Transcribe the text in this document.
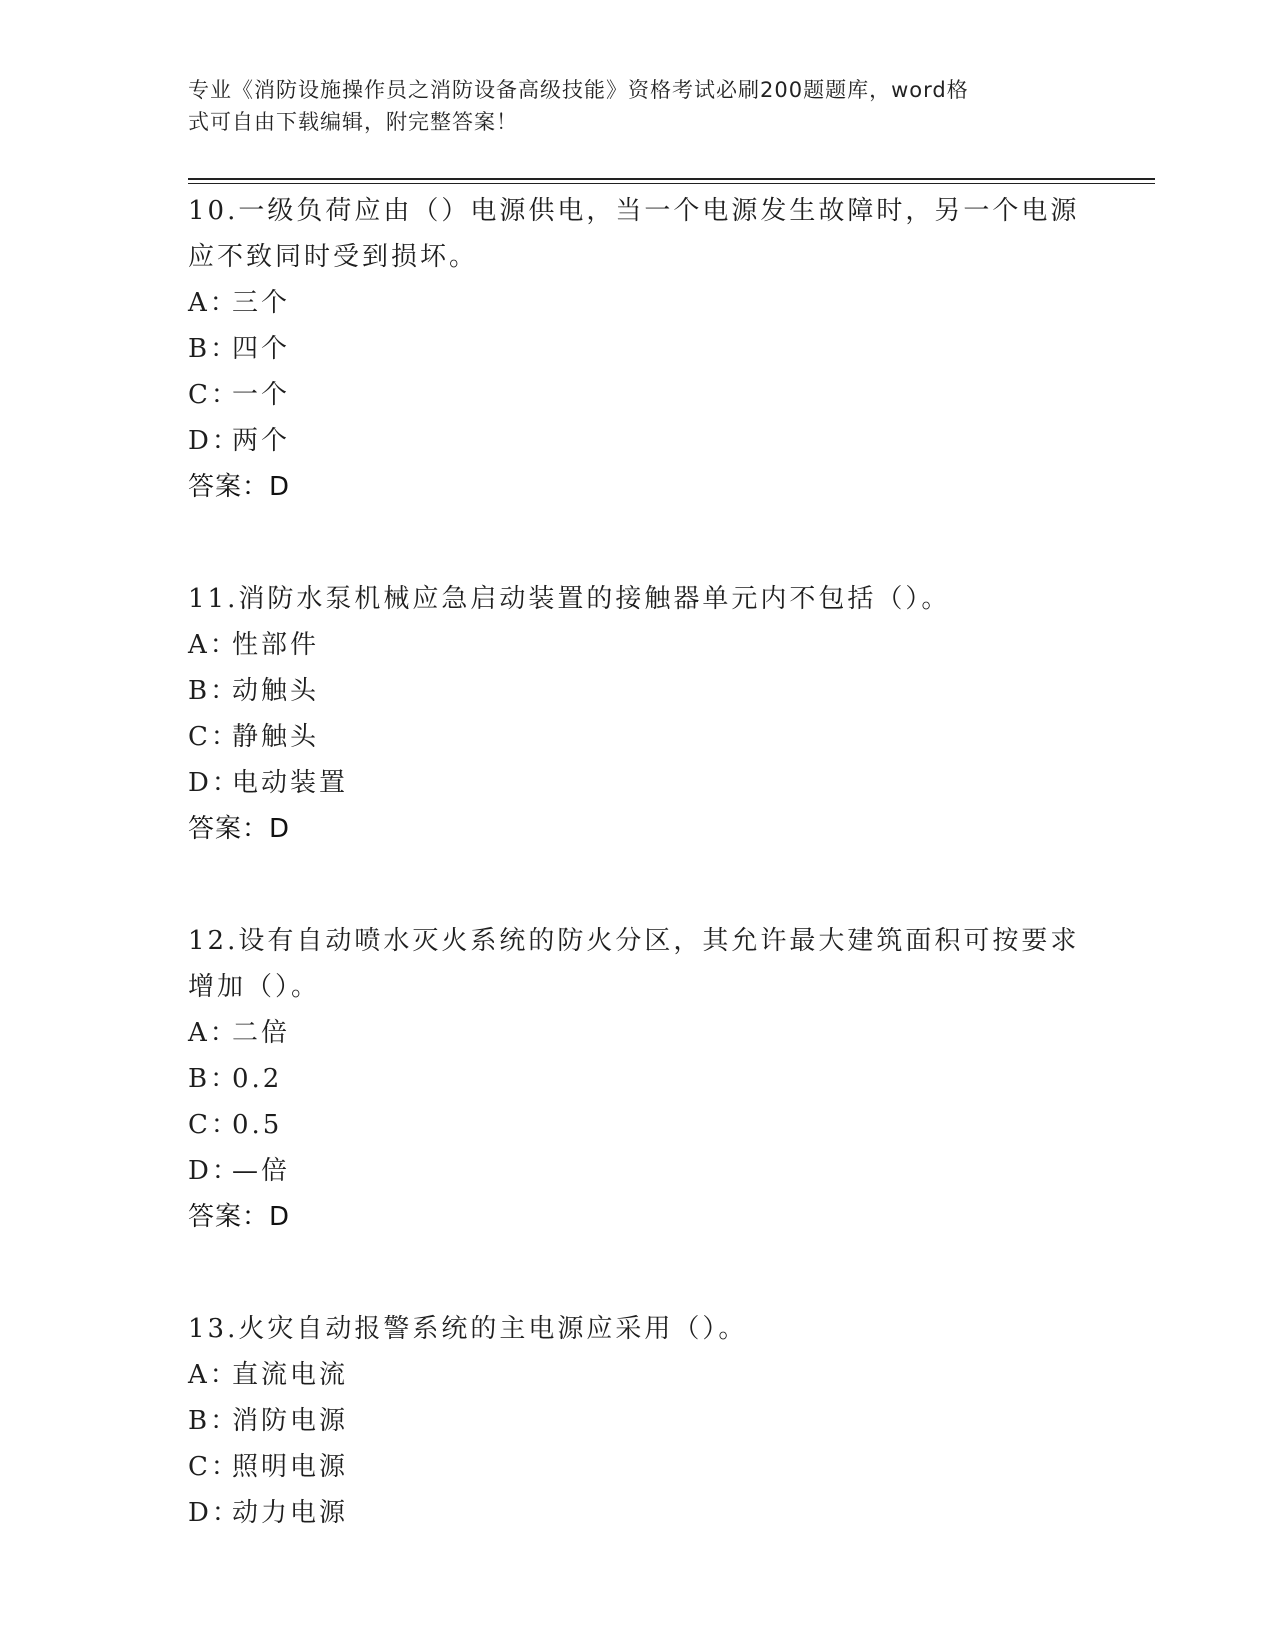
专业《消防设施操作员之消防设备高级技能》资格考试必刷200题题库，word格
式可自由下载编辑，附完整答案！

10.一级负荷应由（）电源供电，当一个电源发生故障时，另一个电源

应不致同时受到损坏。

A：三个

B：四个

C：一个

D：两个

答案：D

11.消防水泵机械应急启动装置的接触器单元内不包括（）。

A：性部件

B：动触头

C：静触头

D：电动装置

答案：D

12.设有自动喷水灭火系统的防火分区，其允许最大建筑面积可按要求

增加（）。

A：二倍

B：0.2

C：0.5

D：—倍

答案：D

13.火灾自动报警系统的主电源应采用（）。

A：直流电流

B：消防电源

C：照明电源

D：动力电源
